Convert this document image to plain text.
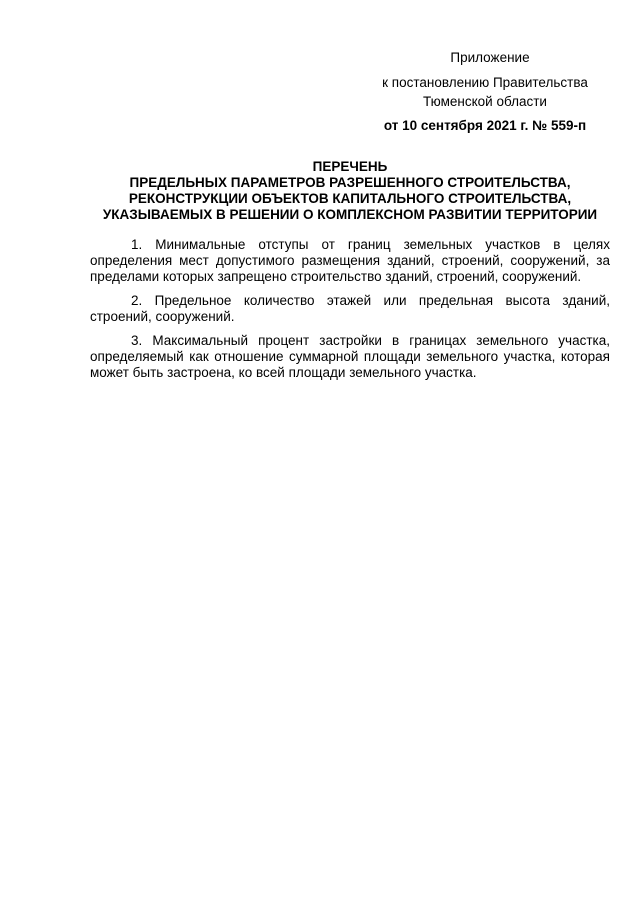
Приложение
к постановлению Правительства
Тюменской области
от 10 сентября 2021 г. № 559-п
ПЕРЕЧЕНЬ
ПРЕДЕЛЬНЫХ ПАРАМЕТРОВ РАЗРЕШЕННОГО СТРОИТЕЛЬСТВА,
РЕКОНСТРУКЦИИ ОБЪЕКТОВ КАПИТАЛЬНОГО СТРОИТЕЛЬСТВА,
УКАЗЫВАЕМЫХ В РЕШЕНИИ О КОМПЛЕКСНОМ РАЗВИТИИ ТЕРРИТОРИИ

1. Минимальные отступы от границ земельных участков в целях определения мест допустимого размещения зданий, строений, сооружений, за пределами которых запрещено строительство зданий, строений, сооружений.

2. Предельное количество этажей или предельная высота зданий, строений, сооружений.

3. Максимальный процент застройки в границах земельного участка, определяемый как отношение суммарной площади земельного участка, которая может быть застроена, ко всей площади земельного участка.
